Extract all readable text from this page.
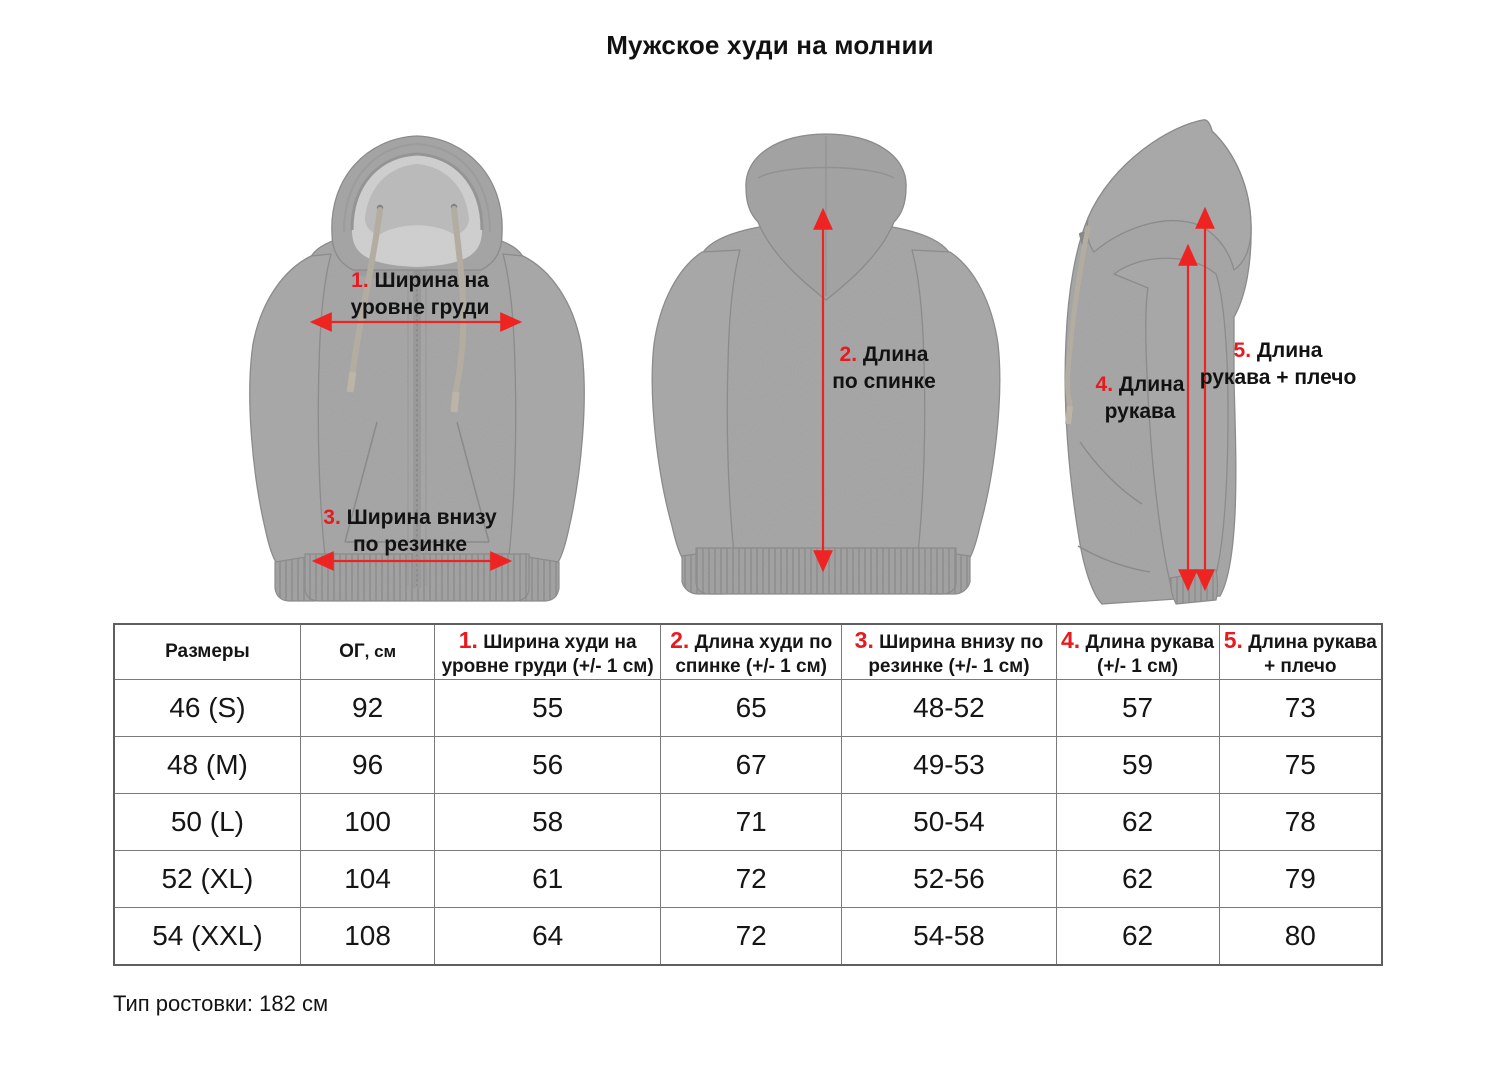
Мужское худи на молнии
1. Ширина на
уровне груди
3. Ширина внизу
по резинке
2. Длина
по спинке	4. Длина
рукава
5. Длина
рукава + плечо
Размеры	ОГ, см	1. Ширина худи на уровне груди (+/- 1 см)	2. Длина худи по спинке (+/- 1 см)	3. Ширина внизу по резинке (+/- 1 см)	4. Длина рукава (+/- 1 см)	5. Длина рукава + плечо
46 (S)	92	55	65	48-52	57	73
48 (M)	96	56	67	49-53	59	75
50 (L)	100	58	71	50-54	62	78
52 (XL)	104	61	72	52-56	62	79
54 (XXL)	108	64	72	54-58	62	80
Тип ростовки: 182 см
